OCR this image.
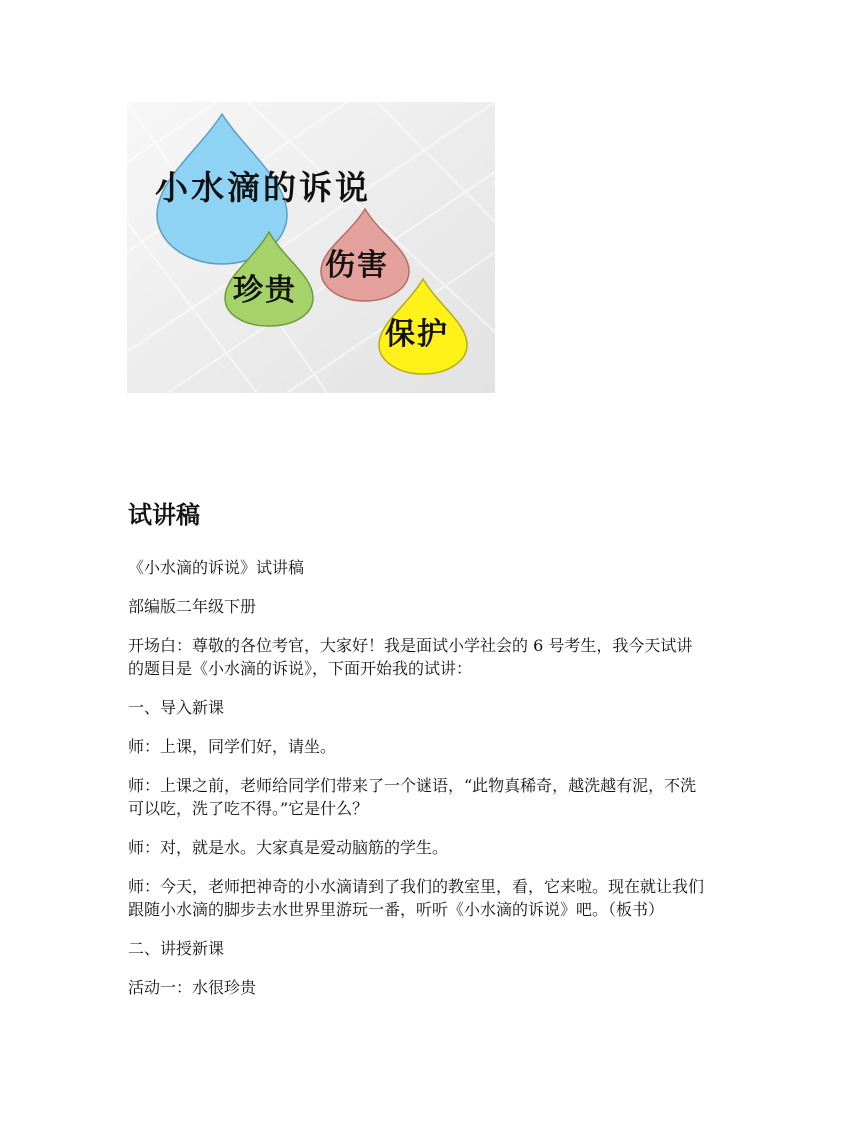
小水滴的诉说
珍贵
伤害
保护
试讲稿

《小水滴的诉说》试讲稿

部编版二年级下册

开场白：尊敬的各位考官，大家好！我是面试小学社会的 6 号考生，我今天试讲
的题目是《小水滴的诉说》，下面开始我的试讲：

一、导入新课

师：上课，同学们好，请坐。

师：上课之前，老师给同学们带来了一个谜语，“此物真稀奇，越洗越有泥，不洗
可以吃，洗了吃不得。”它是什么？

师：对，就是水。大家真是爱动脑筋的学生。

师：今天，老师把神奇的小水滴请到了我们的教室里，看，它来啦。现在就让我们
跟随小水滴的脚步去水世界里游玩一番，听听《小水滴的诉说》吧。（板书）

二、讲授新课

活动一：水很珍贵
